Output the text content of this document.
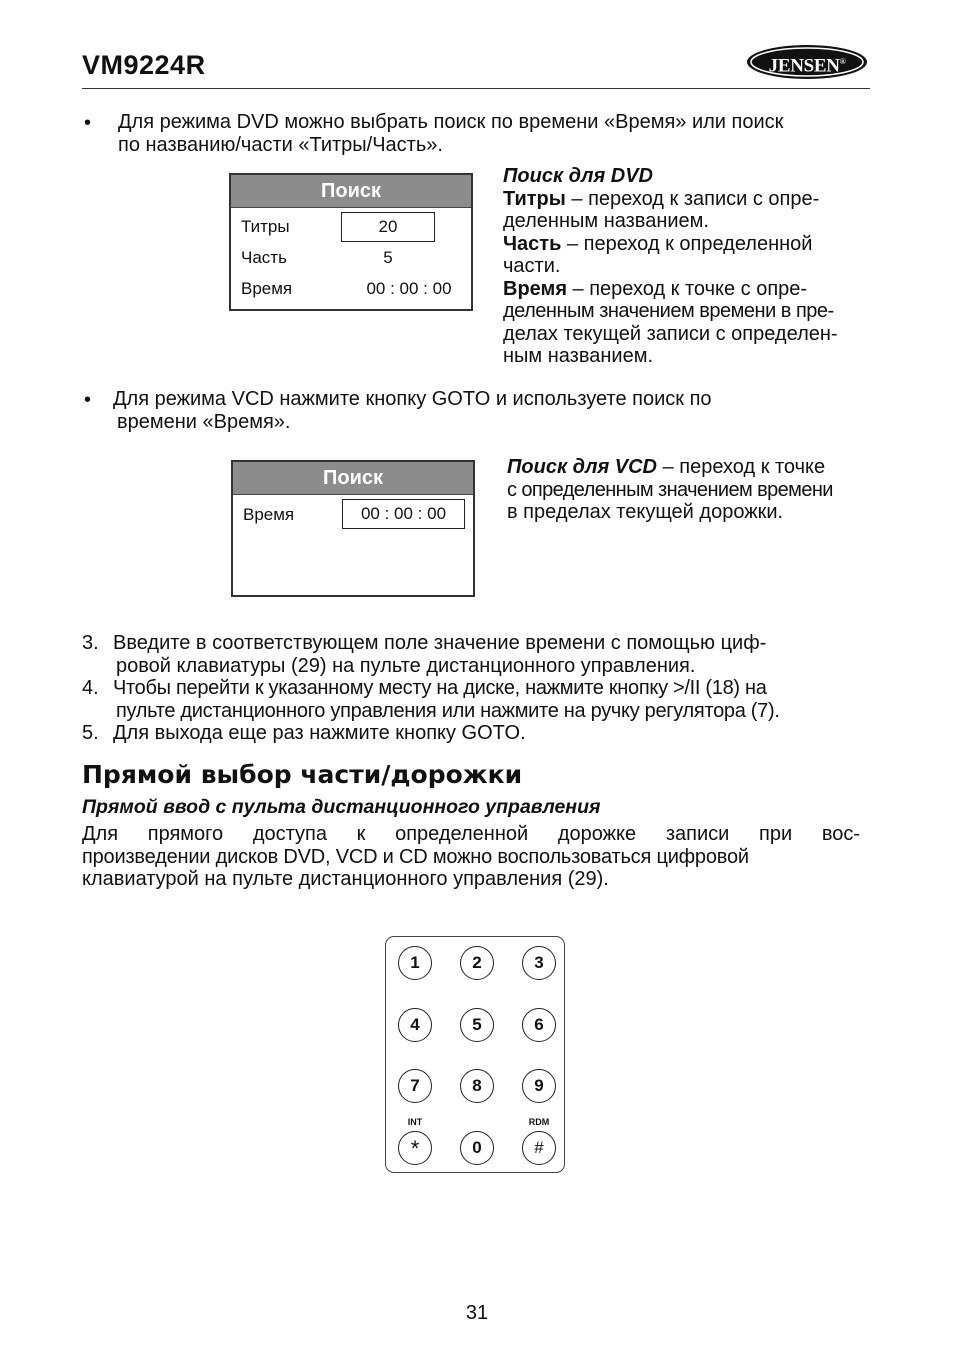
VM9224R	JENSEN®
• Для режима DVD можно выбрать поиск по времени «Время» или поиск
по названию/части «Титры/Часть».
Поиск
Титры	20
Часть	5
Время	00 : 00 : 00
Поиск для DVD
Титры – переход к записи с опре-
деленным названием.
Часть – переход к определенной
части.
Время – переход к точке с опре-
деленным значением времени в пре-
делах текущей записи с определен-
ным названием.
• Для режима VCD нажмите кнопку GOTO и используете поиск по
времени «Время».
Поиск
Время	00 : 00 : 00
Поиск для VCD – переход к точке
с определенным значением времени
в пределах текущей дорожки.
3. Введите в соответствующем поле значение времени с помощью циф-
ровой клавиатуры (29) на пульте дистанционного управления.
4. Чтобы перейти к указанному месту на диске, нажмите кнопку >/II (18) на
пульте дистанционного управления или нажмите на ручку регулятора (7).
5. Для выхода еще раз нажмите кнопку GOTO.
Прямой выбор части/дорожки
Прямой ввод с пульта дистанционного управления
Для прямого доступа к определенной дорожке записи при вос-
произведении дисков DVD, VCD и CD можно воспользоваться цифровой
клавиатурой на пульте дистанционного управления (29).
1	2	3
4	5	6
7	8	9
INT	RDM
*	0	#
31
